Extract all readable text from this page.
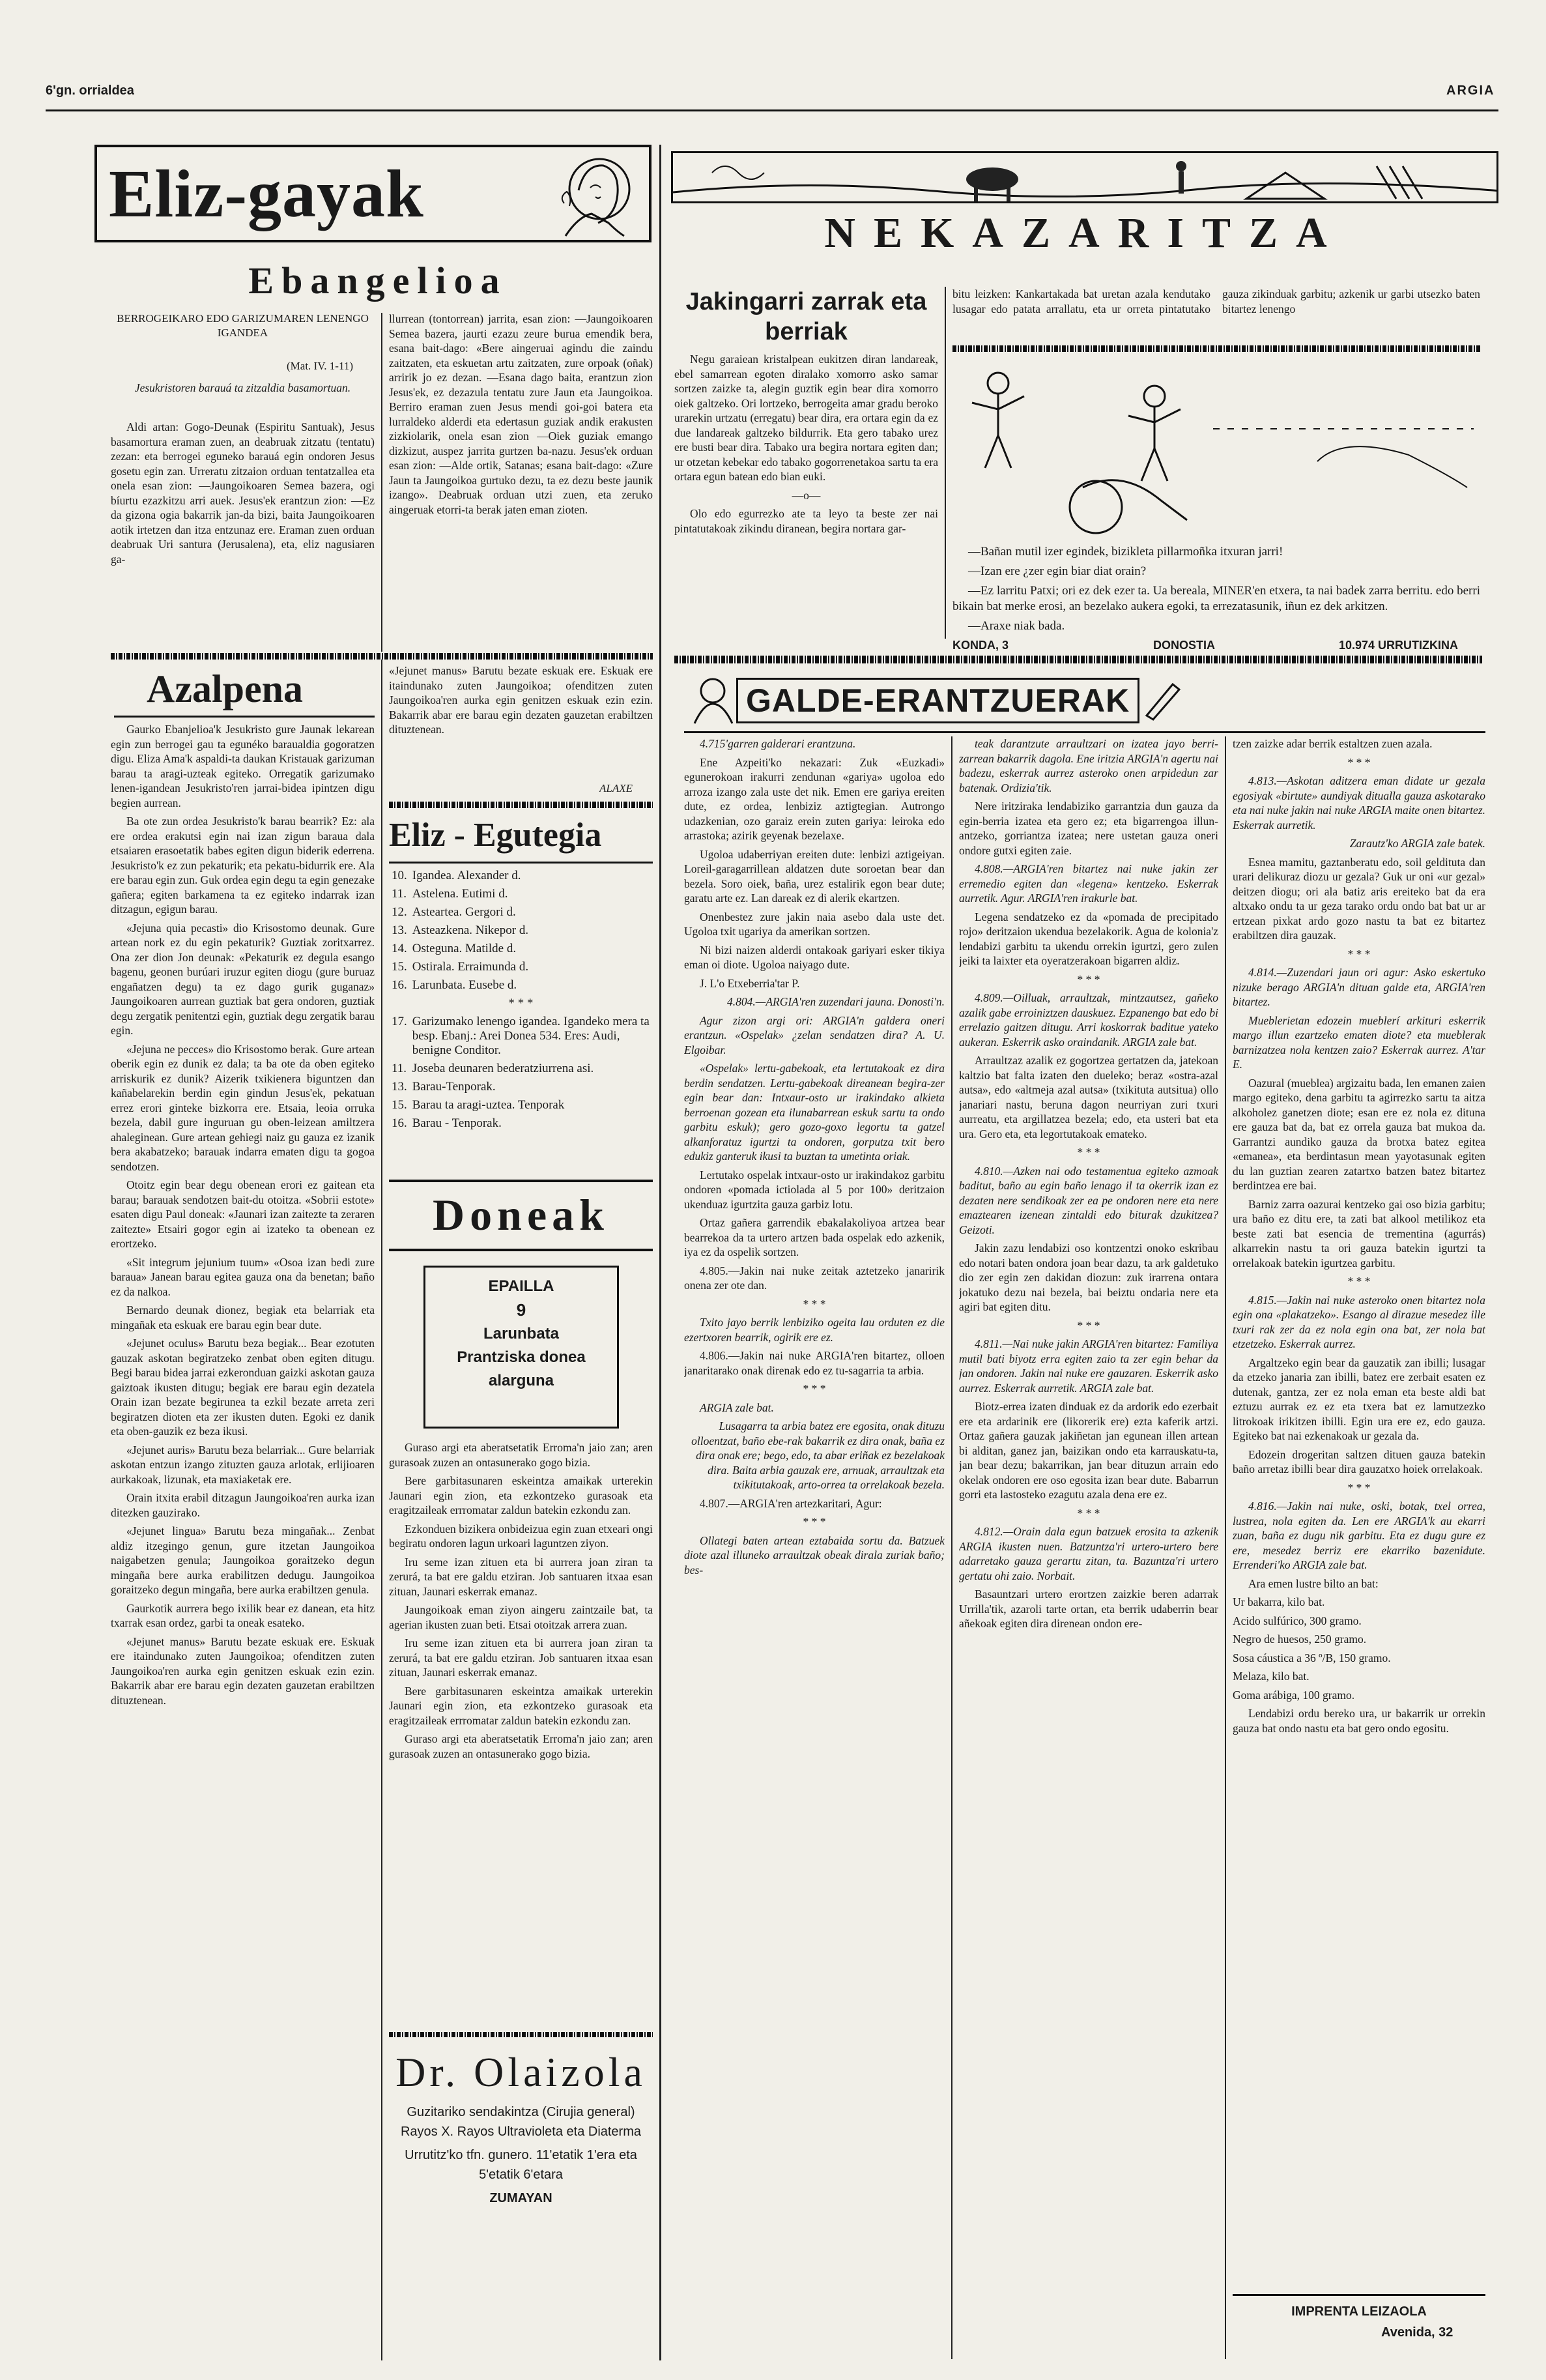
6'gn. orrialdea	ARGIA
Eliz-gayak
Ebangelioa
BERROGEIKARO EDO GARIZUMAREN LENENGO IGANDEA
(Mat. IV. 1-11)
Jesukristoren barauá ta zitzaldia basamortuan.

Aldi artan: Gogo-Deunak (Espiritu Santuak), Jesus basamortura eraman zuen, an deabruak zitzatu (tentatu) zezan: eta berrogei eguneko barauá egin ondoren Jesus gosetu egin zan. Urreratu zitzaion orduan tentatzallea eta onela esan zion: —Jaungoikoaren Semea bazera, ogi bíurtu ezazkitzu arri auek. Jesus'ek erantzun zion: —Ez da gizona ogia bakarrik jan-da bizi, baita Jaungoikoaren aotik irtetzen dan itza entzunaz ere. Eraman zuen orduan deabruak Uri santura (Jerusalena), eta, eliz nagusiaren ga-

llurrean (tontorrean) jarrita, esan zion: —Jaungoikoaren Semea bazera, jaurti ezazu zeure burua emendik bera, esana bait-dago: «Bere aingeruai agindu die zaindu zaitzaten, eta eskuetan artu zaitzaten, zure orpoak (oñak) arririk jo ez dezan. —Esana dago baita, erantzun zion Jesus'ek, ez dezazula tentatu zure Jaun eta Jaungoikoa. Berriro eraman zuen Jesus mendi goi-goi batera eta lurraldeko alderdi eta edertasun guziak andik erakusten zizkiolarik, onela esan zion —Oiek guziak emango dizkizut, auspez jarrita gurtzen ba-nazu. Jesus'ek orduan esan zion: —Alde ortik, Satanas; esana bait-dago: «Zure Jaun ta Jaungoikoa gurtuko dezu, ta ez dezu beste jaunik izango». Deabruak orduan utzi zuen, eta zeruko aingeruak etorri-ta berak jaten eman zioten.

Azalpena

Gaurko Ebanjelioa'k Jesukristo gure Jaunak lekarean egin zun berrogei gau ta egunéko baraualdia gogoratzen digu. Eliza Ama'k aspaldi-ta daukan Kristauak garizuman barau ta aragi-uzteak egiteko. Orregatik garizumako lenen-igandean Jesukristo'ren jarrai-bidea ipintzen digu begien aurrean.

Ba ote zun ordea Jesukristo'k barau bearrik? Ez: ala ere ordea erakutsi egin nai izan zigun baraua dala etsaiaren erasoetatik babes egiten digun biderik ederrena. Jesukristo'k ez zun pekaturik; eta pekatu-bidurrik ere. Ala ere barau egin zun. Guk ordea egin degu ta egin genezake gañera; egiten barkamena ta ez egiteko indarrak izan ditzagun, egigun barau.

«Jejuna quia pecasti» dio Krisostomo deunak. Gure artean nork ez du egin pekaturik? Guztiak zoritxarrez. Ona zer dion Jon deunak: «Pekaturik ez degula esango bagenu, geonen burúari iruzur egiten diogu (gure buruaz engañatzen degu) ta ez dago gurik guganaz» Jaungoikoaren aurrean guztiak bat gera ondoren, guztiak degu zergatik penitentzi egin, guztiak degu zergatik barau egin.

«Jejuna ne pecces» dio Krisostomo berak. Gure artean oberik egin ez dunik ez dala; ta ba ote da oben egiteko arriskurik ez dunik? Aizerik txikienera biguntzen dan kañabelarekin berdin egin gindun Jesus'ek, pekatuan errez erori ginteke bizkorra ere. Etsaia, leoia orruka bezela, dabil gure inguruan gu oben-leizean amiltzera ahaleginean. Gure artean gehiegi naiz gu gauza ez izanik bera akabatzeko; barauak indarra ematen digu ta gogoa sendotzen.

Otoitz egin bear degu obenean erori ez gaitean eta barau; barauak sendotzen bait-du otoitza. «Sobrii estote» esaten digu Paul doneak: «Jaunari izan zaitezte ta zeraren zaitezte» Etsairi gogor egin ai izateko ta obenean ez erortzeko.

«Sit integrum jejunium tuum» «Osoa izan bedi zure baraua» Janean barau egitea gauza ona da benetan; baño ez da nalkoa.

Bernardo deunak dionez, begiak eta belarriak eta mingañak eta eskuak ere barau egin bear dute.

«Jejunet oculus» Barutu beza begiak... Bear ezotuten gauzak askotan begiratzeko zenbat oben egiten ditugu. Begi barau bidea jarrai ezkeronduan gaizki askotan gauza gaiztoak ikusten ditugu; begiak ere barau egin dezatela Orain izan bezate begirunea ta ezkil bezate arreta zeri begiratzen dioten eta zer ikusten duten. Egoki ez danik eta oben-gauzik ez beza ikusi.

«Jejunet auris» Barutu beza belarriak... Gure belarriak askotan entzun izango zituzten gauza arlotak, erlijioaren aurkakoak, lizunak, eta maxiaketak ere.

Orain itxita erabil ditzagun Jaungoikoa'ren aurka izan ditezken gauzirako.

«Jejunet lingua» Barutu beza mingañak... Zenbat aldiz itzegingo genun, gure itzetan Jaungoikoa naigabetzen genula; Jaungoikoa goraitzeko degun mingaña bere aurka erabilitzen dedugu. Jaungoikoa goraitzeko degun mingaña, bere aurka erabiltzen genula.

Gaurkotik aurrera bego ixilik bear ez danean, eta hitz txarrak esan ordez, garbi ta oneak esateko.

«Jejunet manus» Barutu bezate eskuak ere. Eskuak ere itaindunako zuten Jaungoikoa; ofenditzen zuten Jaungoikoa'ren aurka egin genitzen eskuak ezin ezin. Bakarrik abar ere barau egin dezaten gauzetan erabiltzen dituztenean.

«Jejunet manus» Barutu bezate eskuak ere. Eskuak ere itaindunako zuten Jaungoikoa; ofenditzen zuten Jaungoikoa'ren aurka egin genitzen eskuak ezin ezin. Bakarrik abar ere barau egin dezaten gauzetan erabiltzen dituztenean.

ALAXE
Eliz - Egutegia
10.	Igandea. Alexander d.
11.	Astelena. Eutimi d.
12.	Asteartea. Gergori d.
13.	Asteazkena. Nikepor d.
14.	Osteguna. Matilde d.
15.	Ostirala. Erraimunda d.
16.	Larunbata. Eusebe d.
* * *	
17.	Garizumako lenengo igandea. Igandeko mera ta besp. Ebanj.: Arei Donea 534. Eres: Audi, benigne Conditor.
11.	Joseba deunaren bederatziurrena asi.
13.	Barau-Tenporak.
15.	Barau ta aragi-uztea. Tenporak
16.	Barau - Tenporak.
Doneak
EPAILLA
9
Larunbata
Prantziska donea
alarguna

Guraso argi eta aberatsetatik Erroma'n jaio zan; aren gurasoak zuzen an ontasunerako gogo bizia.

Bere garbitasunaren eskeintza amaikak urterekin Jaunari egin zion, eta ezkontzeko gurasoak eta eragitzaileak errromatar zaldun batekin ezkondu zan.

Ezkonduen bizikera onbideizua egin zuan etxeari ongi begiratu ondoren lagun urkoari laguntzen ziyon.

Iru seme izan zituen eta bi aurrera joan ziran ta zerurá, ta bat ere galdu etziran. Job santuaren itxaa esan zituan, Jaunari eskerrak emanaz.

Jaungoikoak eman ziyon aingeru zaintzaile bat, ta agerian ikusten zuan beti. Etsai otoitzak arrera zuan.

Iru seme izan zituen eta bi aurrera joan ziran ta zerurá, ta bat ere galdu etziran. Job santuaren itxaa esan zituan, Jaunari eskerrak emanaz.

Bere garbitasunaren eskeintza amaikak urterekin Jaunari egin zion, eta ezkontzeko gurasoak eta eragitzaileak errromatar zaldun batekin ezkondu zan.

Guraso argi eta aberatsetatik Erroma'n jaio zan; aren gurasoak zuzen an ontasunerako gogo bizia.

Dr. Olaizola
Guzitariko sendakintza (Cirujia general) Rayos X. Rayos Ultravioleta eta Diaterma
Urrutitz'ko tfn. gunero. 11'etatik 1'era eta 5'etatik 6'etara
ZUMAYAN
NEKAZARITZA
Jakingarri zarrak eta berriak

Negu garaiean kristalpean eukitzen diran landareak, ebel samarrean egoten diralako xomorro asko samar sortzen zaizke ta, alegin guztik egin bear dira xomorro oiek galtzeko. Ori lortzeko, berrogeita amar gradu beroko urarekin urtzatu (erregatu) bear dira, era ortara egin da ez due landareak galtzeko bildurrik. Eta gero tabako urez ere busti bear dira. Tabako ura begira nortara egiten dan; ur otzetan kebekar edo tabako gogorrenetakoa sartu ta era ortara egun batean edo bian euki.

—o—

Olo edo egurrezko ate ta leyo ta beste zer nai pintatutakoak zikindu diranean, begira nortara gar-

bitu leizken: Kankartakada bat uretan azala kendutako lusagar edo patata arrallatu, eta ur orreta pintatutako gauza zikinduak garbitu; azkenik ur garbi utsezko baten bitartez lenengo

—Bañan mutil izer egindek, bizikleta pillarmoñka itxuran jarri!

—Izan ere ¿zer egin biar diat orain?

—Ez larritu Patxi; ori ez dek ezer ta. Ua bereala, MINER'en etxera, ta nai badek zarra berritu. edo berri bikain bat merke erosi, an bezelako aukera egoki, ta errezatasunik, iñun ez dek arkitzen.

—Araxe niak bada.

KONDA, 3	DONOSTIA	10.974 URRUTIZKINA
GALDE-ERANTZUERAK

4.715'garren galderari erantzuna.

Ene Azpeiti'ko nekazari: Zuk «Euzkadi» egunerokoan irakurri zendunan «gariya» ugoloa edo arroza izango zala uste det nik. Emen ere gariya ereiten dute, ez ordea, lenbiziz aztigtegian. Autrongo udazkenian, ozo garaiz erein zuten gariya: leiroka edo arrastoka; azirik geyenak bezelaxe.

Ugoloa udaberriyan ereiten dute: lenbizi aztigeiyan. Loreil-garagarrillean aldatzen dute soroetan bear dan bezela. Soro oiek, baña, urez estalirik egon bear dute; garatu arte ez. Lan dareak ez di alerik ekartzen.

Onenbestez zure jakin naia asebo dala uste det. Ugoloa txit ugariya da amerikan sortzen.

Ni bizi naizen alderdi ontakoak gariyari esker tikiya eman oi diote. Ugoloa naiyago dute.

J. L'o Etxeberria'tar P.

4.804.—ARGIA'ren zuzendari jauna. Donosti'n.

Agur zizon argi ori: ARGIA'n galdera oneri erantzun. «Ospelak» ¿zelan sendatzen dira? A. U. Elgoibar.

«Ospelak» lertu-gabekoak, eta lertutakoak ez dira berdin sendatzen. Lertu-gabekoak direanean begira-zer egin bear dan: Intxaur-osto ur irakindako alkieta berroenan gozean eta ilunabarrean eskuk sartu ta ondo garbitu eskuk); gero gozo-goxo legortu ta gatzel alkanforatuz igurtzi ta ondoren, gorputza txit bero edukiz ganteruk ikusi ta buztan ta umetinta oriak.

Lertutako ospelak intxaur-osto ur irakindakoz garbitu ondoren «pomada ictiolada al 5 por 100» deritzaion ukenduaz igurtzita gauza garbiz lotu.

Ortaz gañera garrendik ebakalakoliyoa artzea bear bearrekoa da ta urtero artzen bada ospelak edo azkenik, iya ez da ospelik sortzen.

4.805.—Jakin nai nuke zeitak aztetzeko janaririk onena zer ote dan.

* * *

Txito jayo berrik lenbiziko ogeita lau orduten ez die ezertxoren bearrik, ogirik ere ez.

4.806.—Jakin nai nuke ARGIA'ren bitartez, olloen janaritarako onak direnak edo ez tu-sagarria ta arbia.

* * *

ARGIA zale bat.

Lusagarra ta arbia batez ere egosita, onak dituzu olloentzat, baño ebe-rak bakarrik ez dira onak, baña ez dira onak ere; bego, edo, ta abar eriñak ez bezelakoak dira. Baita arbia gauzak ere, arnuak, arraultzak eta txikitutakoak, arto-orrea ta orrelakoak bezela.

4.807.—ARGIA'ren artezkaritari, Agur:

* * *

Ollategi baten artean eztabaida sortu da. Batzuek diote azal illuneko arraultzak obeak dirala zuriak baño; bes-

teak darantzute arraultzari on izatea jayo berri-zarrean bakarrik dagola. Ene iritzia ARGIA'n agertu nai badezu, eskerrak aurrez asteroko onen arpidedun zar batenak. Ordizia'tik.

Nere iritziraka lendabiziko garrantzia dun gauza da egin-berria izatea eta gero ez; eta bigarrengoa illun-antzeko, gorriantza izatea; nere ustetan gauza oneri ondore gutxi egiten zaie.

4.808.—ARGIA'ren bitartez nai nuke jakin zer erremedio egiten dan «legena» kentzeko. Eskerrak aurretik. Agur. ARGIA'ren irakurle bat.

Legena sendatzeko ez da «pomada de precipitado rojo» deritzaion ukendua bezelakorik. Agua de kolonia'z lendabizi garbitu ta ukendu orrekin igurtzi, gero zulen jeiki ta laixter eta oyeratzerakoan bigarren aldiz.

* * *

4.809.—Oilluak, arraultzak, mintzautsez, gañeko azalik gabe erroiniztzen dauskuez. Ezpanengo bat edo bi errelazio gaitzen ditugu. Arri koskorrak baditue yateko aukeran. Eskerrik asko oraindanik. ARGIA zale bat.

Arraultzaz azalik ez gogortzea gertatzen da, jatekoan kaltzio bat falta izaten den dueleko; beraz «ostra-azal autsa», edo «altmeja azal autsa» (txikituta autsitua) ollo janariari nastu, beruna dagon neurriyan zuri txuri aurreatu, eta argillatzea bezela; edo, eta usteri bat eta ura. Gero eta, eta legortutakoak emateko.

* * *

4.810.—Azken nai odo testamentua egiteko azmoak baditut, baño au egin baño lenago il ta okerrik izan ez dezaten nere sendikoak zer ea pe ondoren nere eta nere emaztearen izenean zintaldi edo biturak dzukitzea? Geizoti.

Jakin zazu lendabizi oso kontzentzi onoko eskribau edo notari baten ondora joan bear dazu, ta ark galdetuko dio zer egin zen dakidan diozun: zuk irarrena ontara jokatuko dezu nai bezela, bai beiztu ondaria nere eta agiri bat egiten ditu.

* * *

4.811.—Nai nuke jakin ARGIA'ren bitartez: Familiya mutil bati biyotz erra egiten zaio ta zer egin behar da jan ondoren. Jakin nai nuke ere gauzaren. Eskerrik asko aurrez. Eskerrak aurretik. ARGIA zale bat.

Biotz-errea izaten dinduak ez da ardorik edo ezerbait ere eta ardarinik ere (likorerik ere) ezta kaferik artzi. Ortaz gañera gauzak jakiñetan jan egunean illen artean bi alditan, ganez jan, baizikan ondo eta karrauskatu-ta, jan bear dezu; bakarrikan, jan bear dituzun arrain edo okelak ondoren ere oso egosita izan bear dute. Babarrun gorri eta lastosteko ezagutu azala dena ere ez.

* * *

4.812.—Orain dala egun batzuek erosita ta azkenik ARGIA ikusten nuen. Batzuntza'ri urtero-urtero bere adarretako gauza gerartu zitan, ta. Bazuntza'ri urtero gertatu ohi zaio. Norbait.

Basauntzari urtero erortzen zaizkie beren adarrak Urrilla'tik, azaroli tarte ortan, eta berrik udaberrin bear añekoak egiten dira direnean ondon ere-

tzen zaizke adar berrik estaltzen zuen azala.

* * *

4.813.—Askotan aditzera eman didate ur gezala egosiyak «birtute» aundiyak ditualla gauza askotarako eta nai nuke jakin nai nuke ARGIA maite onen bitartez. Eskerrak aurretik.

Zarautz'ko ARGIA zale batek.

Esnea mamitu, gaztanberatu edo, soil geldituta dan urari delikuraz diozu ur gezala? Guk ur oni «ur gezal» deitzen diogu; ori ala batiz aris ereiteko bat da era altxako ondu ta ur geza tarako ordu ondo bat bat ur ar ertzean pixkat ardo gozo nastu ta bat ez bitartez erabiltzen dira gauzak.

* * *

4.814.—Zuzendari jaun ori agur: Asko eskertuko nizuke berago ARGIA'n dituan galde eta, ARGIA'ren bitartez.

Mueblerietan edozein mueblerí arkituri eskerrik margo illun ezartzeko ematen diote? eta mueblerak barnizatzea nola kentzen zaio? Eskerrak aurrez. A'tar E.

Oazural (mueblea) argizaitu bada, len emanen zaien margo egiteko, dena garbitu ta agirrezko sartu ta aitza alkoholez ganetzen diote; esan ere ez nola ez dituna ere gauza bat da, bat ez orrela gauza bat mukoa da. Garrantzi aundiko gauza da brotxa batez egitea «emanea», eta berdintasun mean yayotasunak egiten du lan guztian zearen zatartxo batzen batez bitartez berdintzea ere bai.

Barniz zarra oazurai kentzeko gai oso bizia garbitu; ura baño ez ditu ere, ta zati bat alkool metilikoz eta beste zati bat esencia de trementina (agurrás) alkarrekin nastu ta ori gauza batekin igurtzi ta orrelakoak batekin igurtzea garbitu.

* * *

4.815.—Jakin nai nuke asteroko onen bitartez nola egin ona «plakatzeko». Esango al dirazue mesedez ille txuri rak zer da ez nola egin ona bat, zer nola bat etzetzeko. Eskerrak aurrez.

Argaltzeko egin bear da gauzatik zan ibilli; lusagar da etzeko janaria zan ibilli, batez ere zerbait esaten ez dutenak, gantza, zer ez nola eman eta beste aldi bat eztuzu aurrak ez ez eta txera bat ez lamutzezko litrokoak irikitzen ibilli. Egin ura ere ez, edo gauza. Egiteko bat nai ezkenakoak ur gezala da.

Edozein drogeritan saltzen dituen gauza batekin baño arretaz ibilli bear dira gauzatxo hoiek orrelakoak.

* * *

4.816.—Jakin nai nuke, oski, botak, txel orrea, lustrea, nola egiten da. Len ere ARGIA'k au ekarri zuan, baña ez dugu nik garbitu. Eta ez dugu gure ez ere, mesedez berriz ere ekarriko bazenidute. Errenderi'ko ARGIA zale bat.

Ara emen lustre bilto an bat:

Ur bakarra, kilo bat.

Acido sulfúrico, 300 gramo.

Negro de huesos, 250 gramo.

Sosa cáustica a 36 º/B, 150 gramo.

Melaza, kilo bat.

Goma arábiga, 100 gramo.

Lendabizi ordu bereko ura, ur bakarrik ur orrekin gauza bat ondo nastu eta bat gero ondo egositu.

IMPRENTA LEIZAOLA
Avenida, 32
